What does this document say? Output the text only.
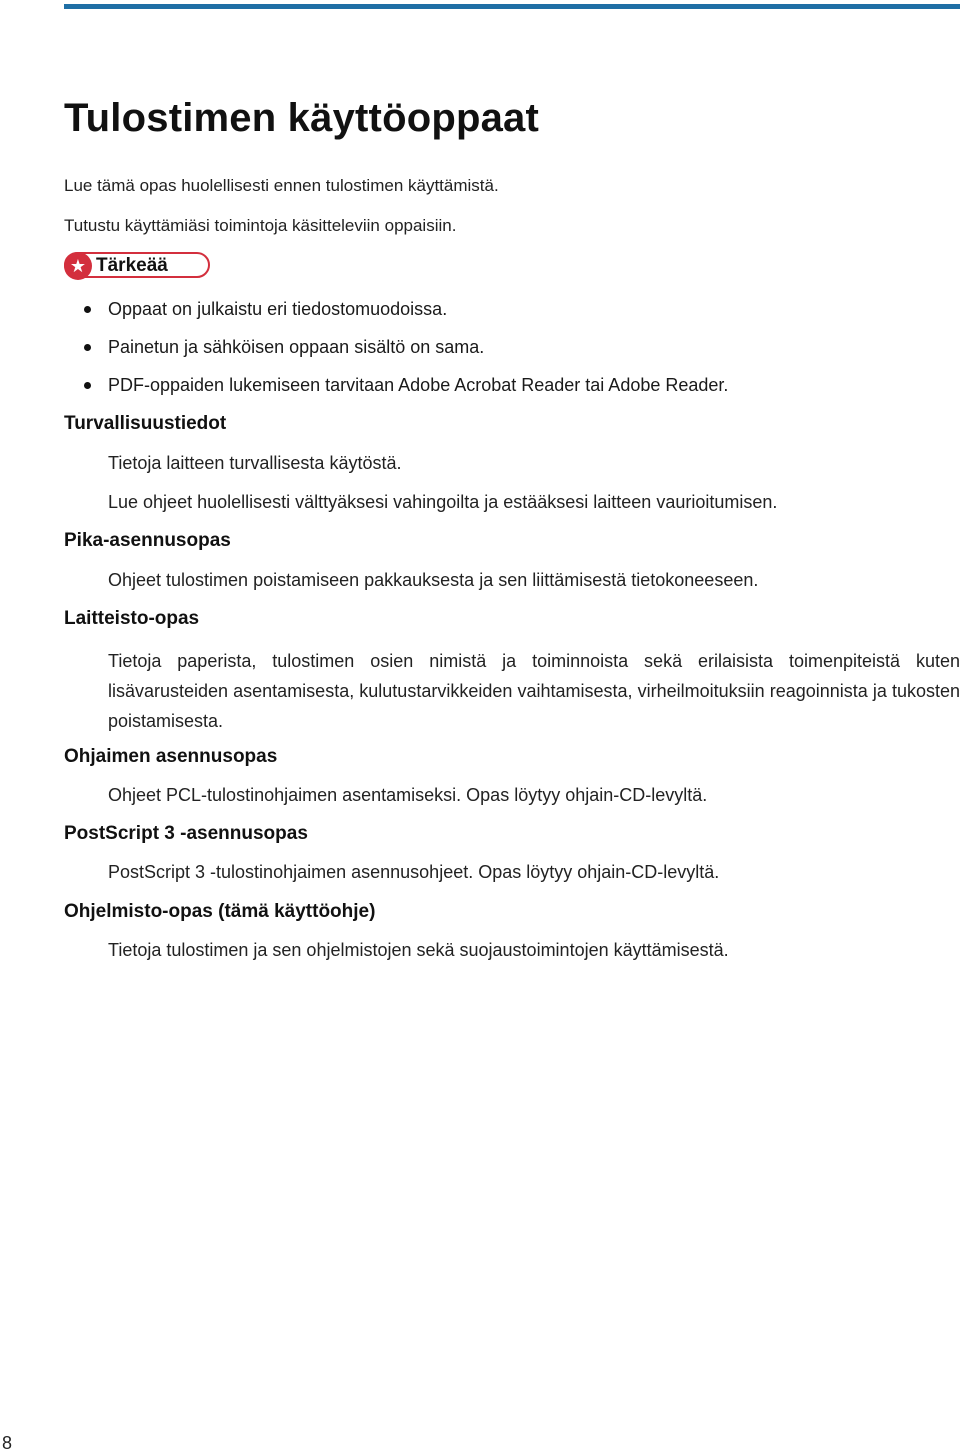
Tulostimen käyttöoppaat

Lue tämä opas huolellisesti ennen tulostimen käyttämistä.

Tutustu käyttämiäsi toimintoja käsitteleviin oppaisiin.

★ Tärkeää
Oppaat on julkaistu eri tiedostomuodoissa.
Painetun ja sähköisen oppaan sisältö on sama.
PDF-oppaiden lukemiseen tarvitaan Adobe Acrobat Reader tai Adobe Reader.
Turvallisuustiedot

Tietoja laitteen turvallisesta käytöstä.

Lue ohjeet huolellisesti välttyäksesi vahingoilta ja estääksesi laitteen vaurioitumisen.

Pika-asennusopas

Ohjeet tulostimen poistamiseen pakkauksesta ja sen liittämisestä tietokoneeseen.

Laitteisto-opas

Tietoja paperista, tulostimen osien nimistä ja toiminnoista sekä erilaisista toimenpiteistä kuten lisävarusteiden asentamisesta, kulutustarvikkeiden vaihtamisesta, virheilmoituksiin reagoinnista ja tukosten poistamisesta.

Ohjaimen asennusopas

Ohjeet PCL-tulostinohjaimen asentamiseksi. Opas löytyy ohjain-CD-levyltä.

PostScript 3 -asennusopas

PostScript 3 -tulostinohjaimen asennusohjeet. Opas löytyy ohjain-CD-levyltä.

Ohjelmisto-opas (tämä käyttöohje)

Tietoja tulostimen ja sen ohjelmistojen sekä suojaustoimintojen käyttämisestä.

8
